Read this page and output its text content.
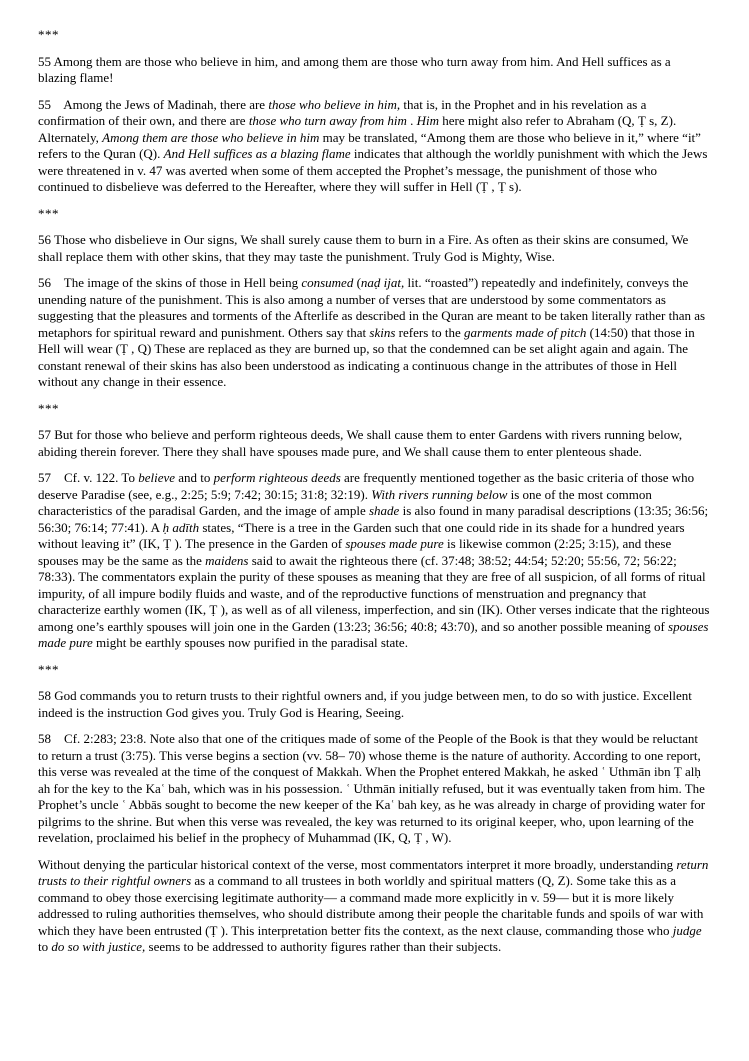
***

55 Among them are those who believe in him, and among them are those who turn away from him. And Hell suffices as a blazing flame!

55    Among the Jews of Madinah, there are those who believe in him, that is, in the Prophet and in his revelation as a confirmation of their own, and there are those who turn away from him . Him here might also refer to Abraham (Q, Ṭ s, Z). Alternately, Among them are those who believe in him may be translated, “Among them are those who believe in it,” where “it” refers to the Quran (Q). And Hell suffices as a blazing flame indicates that although the worldly punishment with which the Jews were threatened in v. 47 was averted when some of them accepted the Prophet’s message, the punishment of those who continued to disbelieve was deferred to the Hereafter, where they will suffer in Hell (Ṭ , Ṭ s).

***

56 Those who disbelieve in Our signs, We shall surely cause them to burn in a Fire. As often as their skins are consumed, We shall replace them with other skins, that they may taste the punishment. Truly God is Mighty, Wise.

56    The image of the skins of those in Hell being consumed (naḍ ijat, lit. “roasted”) repeatedly and indefinitely, conveys the unending nature of the punishment. This is also among a number of verses that are understood by some commentators as suggesting that the pleasures and torments of the Afterlife as described in the Quran are meant to be taken literally rather than as metaphors for spiritual reward and punishment. Others say that skins refers to the garments made of pitch (14:50) that those in Hell will wear (Ṭ , Q) These are replaced as they are burned up, so that the condemned can be set alight again and again. The constant renewal of their skins has also been understood as indicating a continuous change in the attributes of those in Hell without any change in their essence.

***

57 But for those who believe and perform righteous deeds, We shall cause them to enter Gardens with rivers running below, abiding therein forever. There they shall have spouses made pure, and We shall cause them to enter plenteous shade.

57    Cf. v. 122. To believe and to perform righteous deeds are frequently mentioned together as the basic criteria of those who deserve Paradise (see, e.g., 2:25; 5:9; 7:42; 30:15; 31:8; 32:19). With rivers running below is one of the most common characteristics of the paradisal Garden, and the image of ample shade is also found in many paradisal descriptions (13:35; 36:56; 56:30; 76:14; 77:41). A ḥ adīth states, “There is a tree in the Garden such that one could ride in its shade for a hundred years without leaving it” (IK, Ṭ ). The presence in the Garden of spouses made pure is likewise common (2:25; 3:15), and these spouses may be the same as the maidens said to await the righteous there (cf. 37:48; 38:52; 44:54; 52:20; 55:56, 72; 56:22; 78:33). The commentators explain the purity of these spouses as meaning that they are free of all suspicion, of all forms of ritual impurity, of all impure bodily fluids and waste, and of the reproductive functions of menstruation and pregnancy that characterize earthly women (IK, Ṭ ), as well as of all vileness, imperfection, and sin (IK). Other verses indicate that the righteous among one’s earthly spouses will join one in the Garden (13:23; 36:56; 40:8; 43:70), and so another possible meaning of spouses made pure might be earthly spouses now purified in the paradisal state.

***

58 God commands you to return trusts to their rightful owners and, if you judge between men, to do so with justice. Excellent indeed is the instruction God gives you. Truly God is Hearing, Seeing.

58    Cf. 2:283; 23:8. Note also that one of the critiques made of some of the People of the Book is that they would be reluctant to return a trust (3:75). This verse begins a section (vv. 58– 70) whose theme is the nature of authority. According to one report, this verse was revealed at the time of the conquest of Makkah. When the Prophet entered Makkah, he asked ʿ Uthmān ibn Ṭ alḥ ah for the key to the Kaʿ bah, which was in his possession. ʿ Uthmān initially refused, but it was eventually taken from him. The Prophet’s uncle ʿ Abbās sought to become the new keeper of the Kaʿ bah key, as he was already in charge of providing water for pilgrims to the shrine. But when this verse was revealed, the key was returned to its original keeper, who, upon learning of the revelation, proclaimed his belief in the prophecy of Muhammad (IK, Q, Ṭ , W).

Without denying the particular historical context of the verse, most commentators interpret it more broadly, understanding return trusts to their rightful owners as a command to all trustees in both worldly and spiritual matters (Q, Z). Some take this as a command to obey those exercising legitimate authority— a command made more explicitly in v. 59— but it is more likely addressed to ruling authorities themselves, who should distribute among their people the charitable funds and spoils of war with which they have been entrusted (Ṭ ). This interpretation better fits the context, as the next clause, commanding those who judge to do so with justice, seems to be addressed to authority figures rather than their subjects.
